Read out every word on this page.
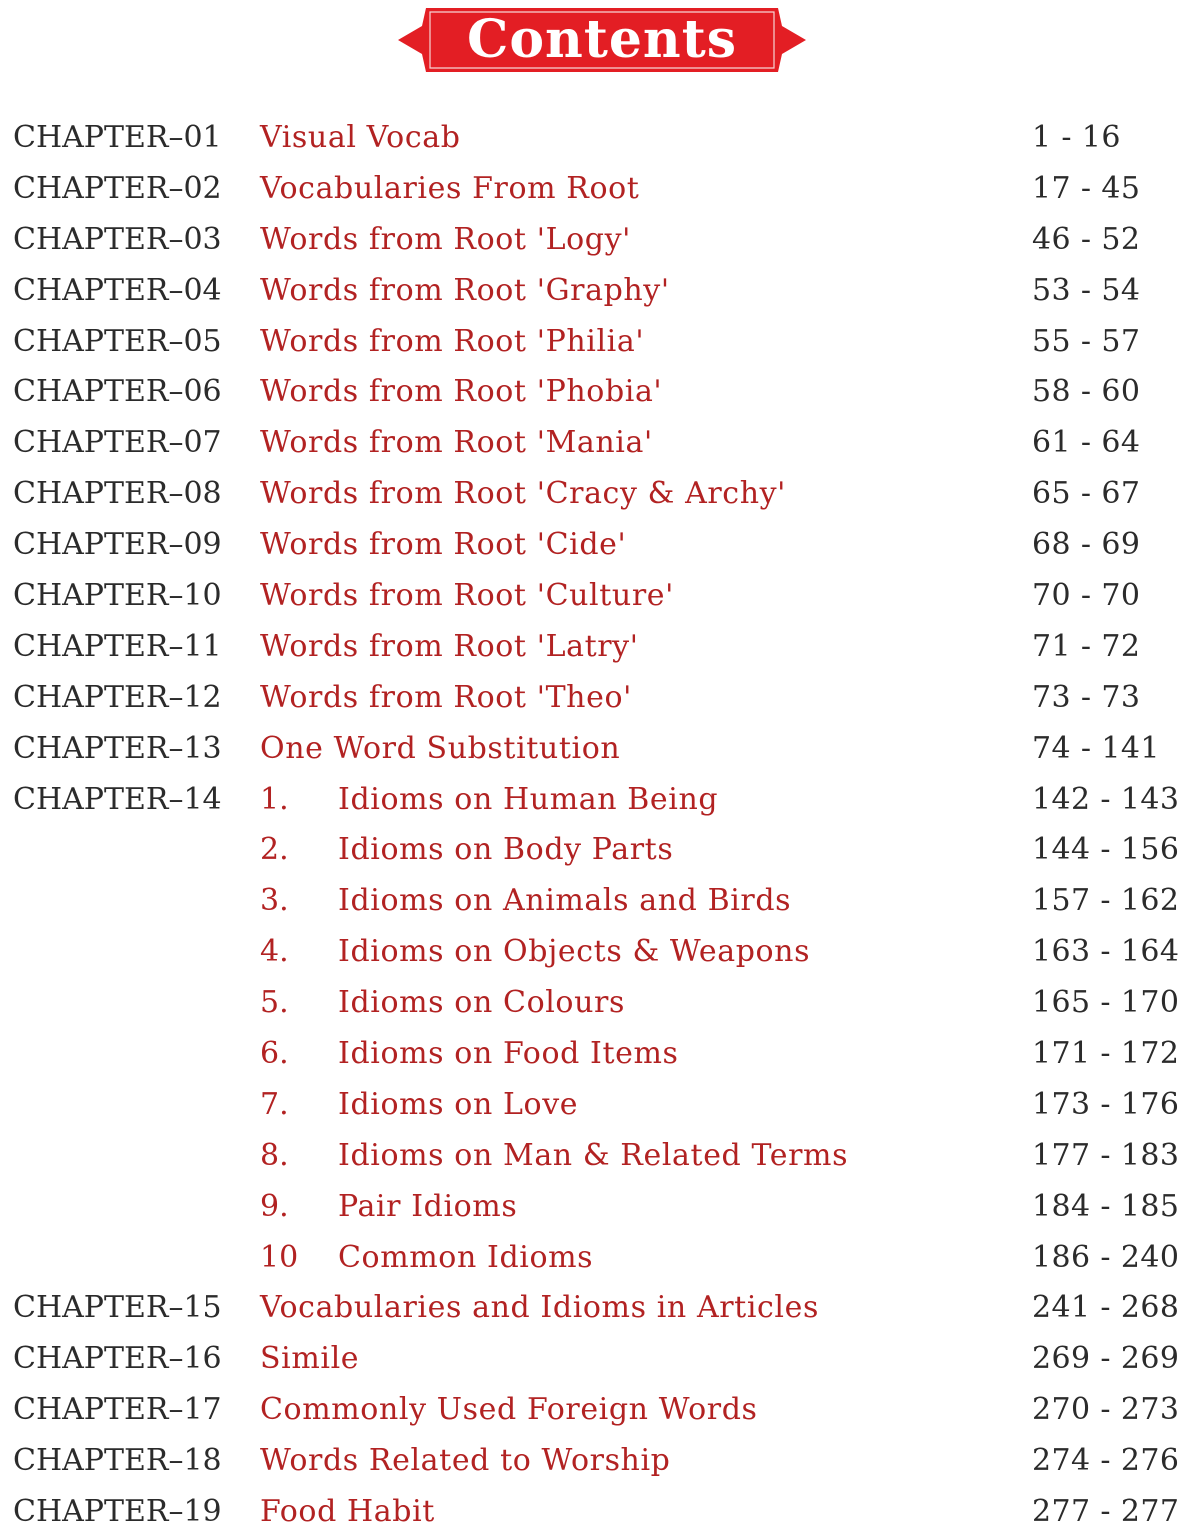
Contents
CHAPTER–01 Visual Vocab	1 - 16
CHAPTER–02 Vocabularies From Root	17 - 45
CHAPTER–03 Words from Root 'Logy'	46 - 52
CHAPTER–04 Words from Root 'Graphy'	53 - 54
CHAPTER–05 Words from Root 'Philia'	55 - 57
CHAPTER–06 Words from Root 'Phobia'	58 - 60
CHAPTER–07 Words from Root 'Mania'	61 - 64
CHAPTER–08 Words from Root 'Cracy & Archy'	65 - 67
CHAPTER–09 Words from Root 'Cide'	68 - 69
CHAPTER–10 Words from Root 'Culture'	70 - 70
CHAPTER–11 Words from Root 'Latry'	71 - 72
CHAPTER–12 Words from Root 'Theo'	73 - 73
CHAPTER–13 One Word Substitution	74 - 141
CHAPTER–14 1. Idioms on Human Being	142 - 143
2. Idioms on Body Parts	144 - 156
3. Idioms on Animals and Birds	157 - 162
4. Idioms on Objects & Weapons	163 - 164
5. Idioms on Colours	165 - 170
6. Idioms on Food Items	171 - 172
7. Idioms on Love	173 - 176
8. Idioms on Man & Related Terms	177 - 183
9. Pair Idioms	184 - 185
10 Common Idioms	186 - 240
CHAPTER–15 Vocabularies and Idioms in Articles	241 - 268
CHAPTER–16 Simile	269 - 269
CHAPTER–17 Commonly Used Foreign Words	270 - 273
CHAPTER–18 Words Related to Worship	274 - 276
CHAPTER–19 Food Habit	277 - 277
